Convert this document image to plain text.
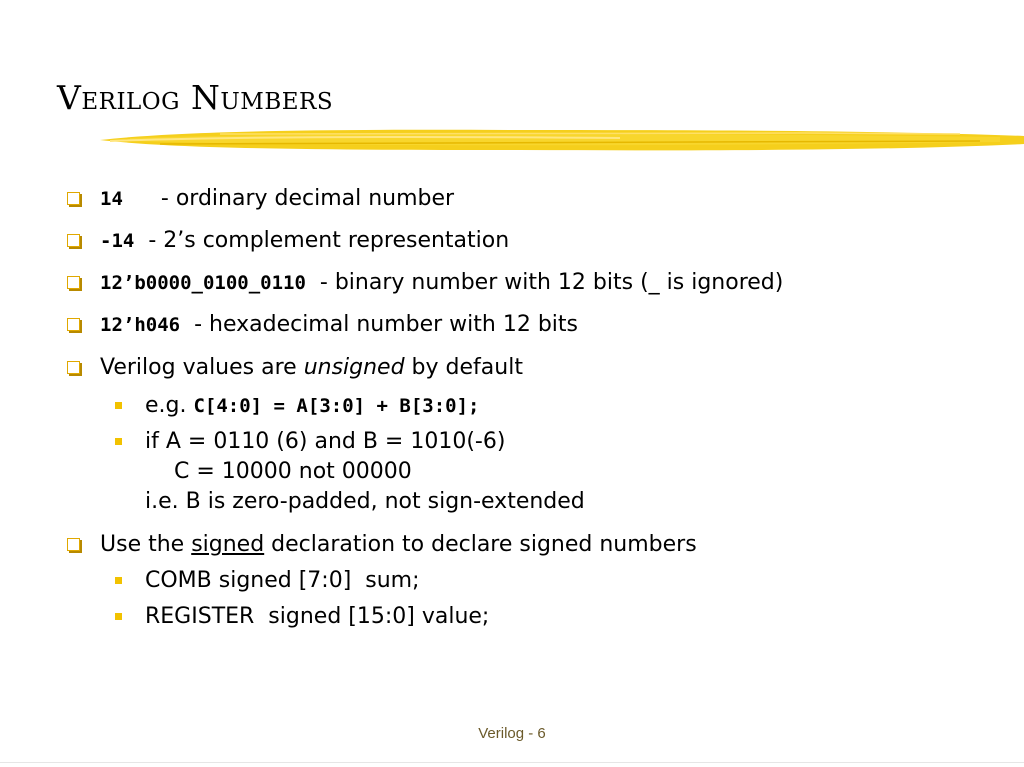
Verilog Numbers
14 - ordinary decimal number
-14 - 2’s complement representation
12’b0000_0100_0110 - binary number with 12 bits (_ is ignored)
12’h046 - hexadecimal number with 12 bits
Verilog values are unsigned by default
e.g. C[4:0] = A[3:0] + B[3:0];
if A = 0110 (6) and B = 1010(-6)
C = 10000 not 00000
i.e. B is zero-padded, not sign-extended
Use the signed declaration to declare signed numbers
COMB signed [7:0]  sum;
REGISTER  signed [15:0] value;
Verilog - 6
